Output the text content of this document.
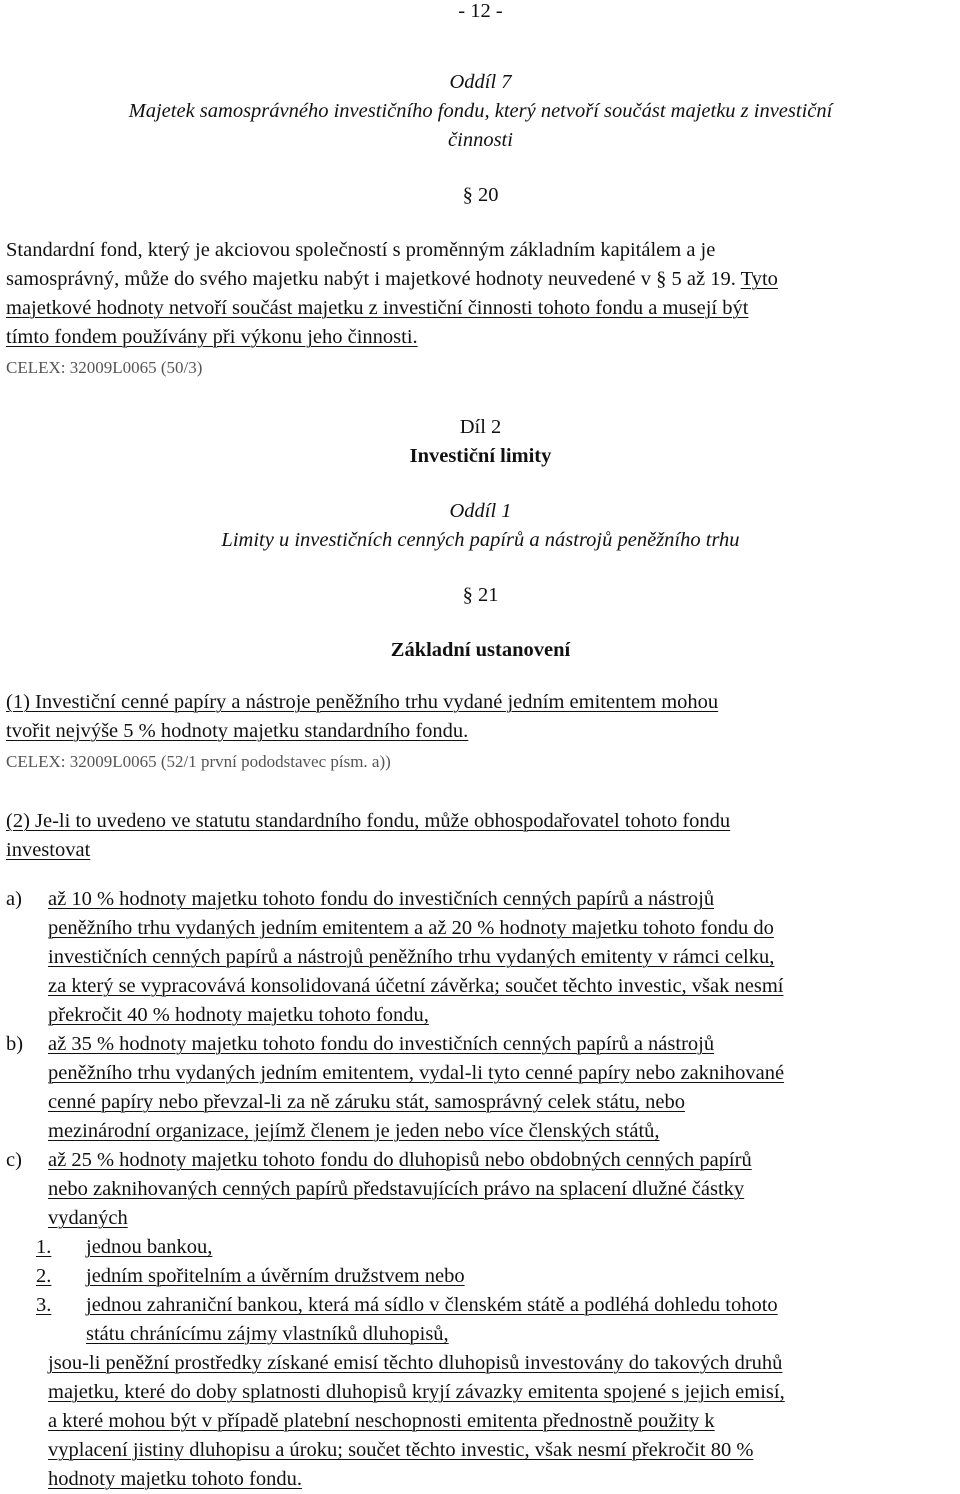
- 12 -
Oddíl 7
Majetek samosprávného investičního fondu, který netvoří součást majetku z investiční
činnosti
§ 20
Standardní fond, který je akciovou společností s proměnným základním kapitálem a je
samosprávný, může do svého majetku nabýt i majetkové hodnoty neuvedené v § 5 až 19. Tyto
majetkové hodnoty netvoří součást majetku z investiční činnosti tohoto fondu a musejí být
tímto fondem používány při výkonu jeho činnosti.
CELEX: 32009L0065 (50/3)
Díl 2
Investiční limity
Oddíl 1
Limity u investičních cenných papírů a nástrojů peněžního trhu
§ 21
Základní ustanovení
(1) Investiční cenné papíry a nástroje peněžního trhu vydané jedním emitentem mohou
tvořit nejvýše 5 % hodnoty majetku standardního fondu.
CELEX: 32009L0065 (52/1 první pododstavec písm. a))
(2) Je-li to uvedeno ve statutu standardního fondu, může obhospodařovatel tohoto fondu
investovat
a)	až 10 % hodnoty majetku tohoto fondu do investičních cenných papírů a nástrojů
peněžního trhu vydaných jedním emitentem a až 20 % hodnoty majetku tohoto fondu do
investičních cenných papírů a nástrojů peněžního trhu vydaných emitenty v rámci celku,
za který se vypracovává konsolidovaná účetní závěrka; součet těchto investic, však nesmí
překročit 40 % hodnoty majetku tohoto fondu,
b)	až 35 % hodnoty majetku tohoto fondu do investičních cenných papírů a nástrojů
peněžního trhu vydaných jedním emitentem, vydal-li tyto cenné papíry nebo zaknihované
cenné papíry nebo převzal-li za ně záruku stát, samosprávný celek státu, nebo
mezinárodní organizace, jejímž členem je jeden nebo více členských států,
c)	až 25 % hodnoty majetku tohoto fondu do dluhopisů nebo obdobných cenných papírů
nebo zaknihovaných cenných papírů představujících právo na splacení dlužné částky
vydaných
1.	jednou bankou,
2.	jedním spořitelním a úvěrním družstvem nebo
3.	jednou zahraniční bankou, která má sídlo v členském státě a podléhá dohledu tohoto
státu chránícímu zájmy vlastníků dluhopisů,
jsou-li peněžní prostředky získané emisí těchto dluhopisů investovány do takových druhů
majetku, které do doby splatnosti dluhopisů kryjí závazky emitenta spojené s jejich emisí,
a které mohou být v případě platební neschopnosti emitenta přednostně použity k
vyplacení jistiny dluhopisu a úroku; součet těchto investic, však nesmí překročit 80 %
hodnoty majetku tohoto fondu.
